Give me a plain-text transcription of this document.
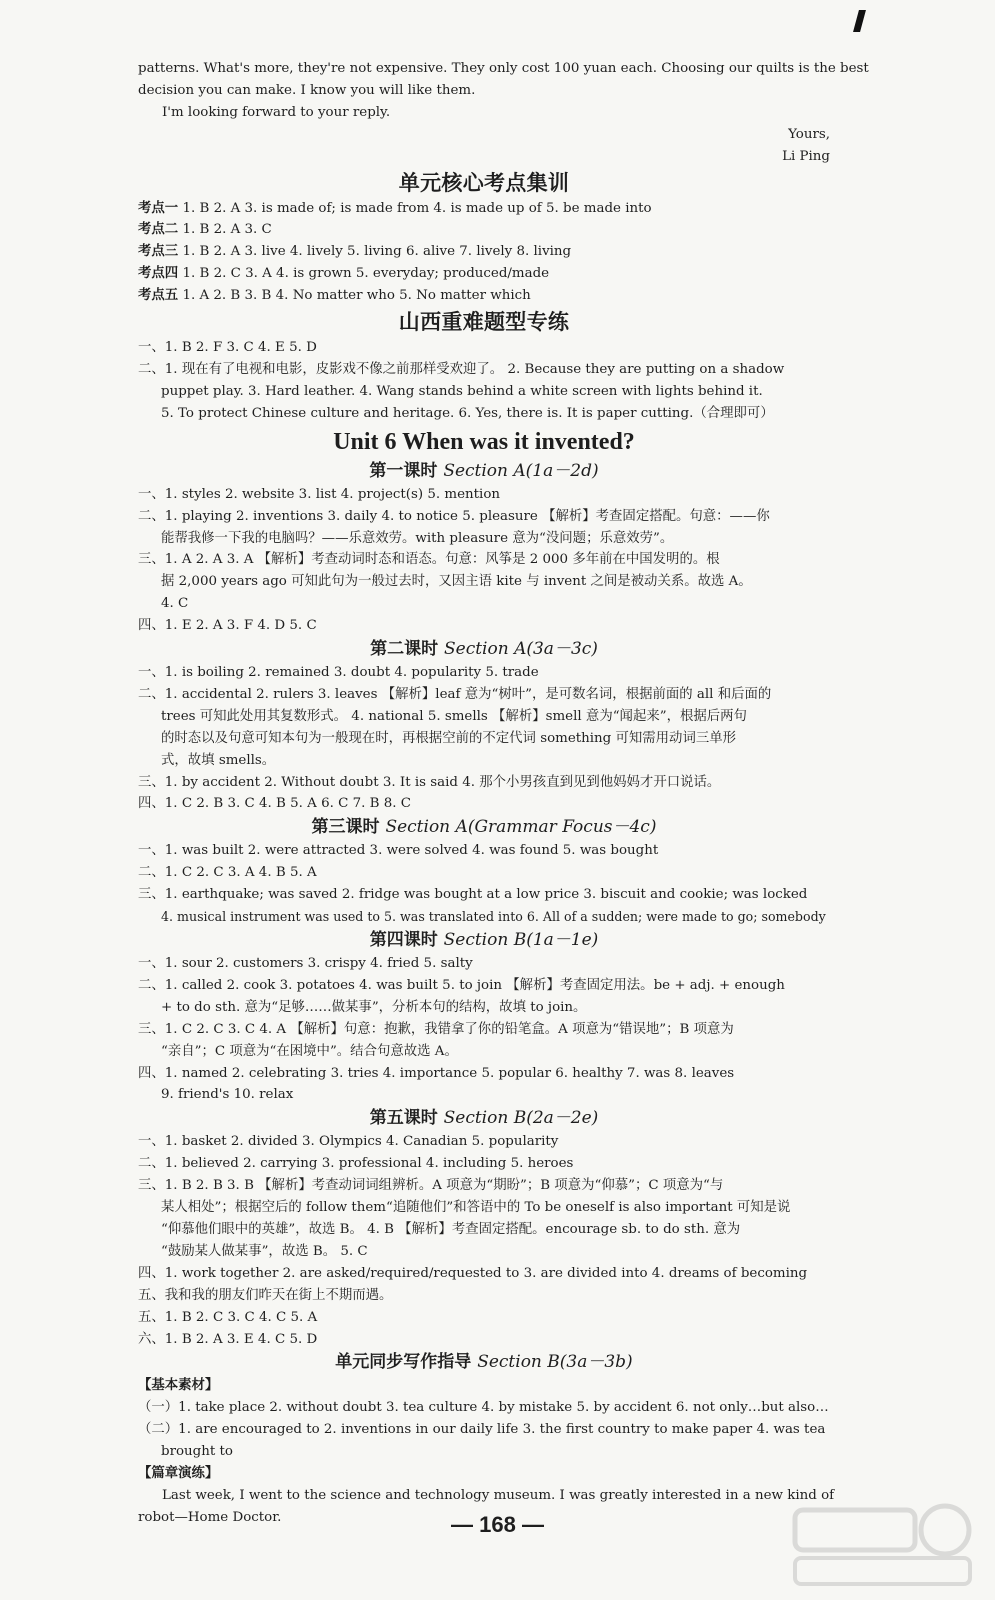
patterns. What's more, they're not expensive. They only cost 100 yuan each. Choosing our quilts is the best
decision you can make. I know you will like them.
I'm looking forward to your reply.
Yours,
Li Ping
单元核心考点集训
考点一 1. B 2. A 3. is made of; is made from 4. is made up of 5. be made into
考点二 1. B 2. A 3. C
考点三 1. B 2. A 3. live 4. lively 5. living 6. alive 7. lively 8. living
考点四 1. B 2. C 3. A 4. is grown 5. everyday; produced/made
考点五 1. A 2. B 3. B 4. No matter who 5. No matter which
山西重难题型专练
一、1. B 2. F 3. C 4. E 5. D
二、1. 现在有了电视和电影，皮影戏不像之前那样受欢迎了。 2. Because they are putting on a shadow
puppet play. 3. Hard leather. 4. Wang stands behind a white screen with lights behind it.
5. To protect Chinese culture and heritage. 6. Yes, there is. It is paper cutting.（合理即可）
Unit 6 When was it invented?
第一课时 Section A(1a－2d)
一、1. styles 2. website 3. list 4. project(s) 5. mention
二、1. playing 2. inventions 3. daily 4. to notice 5. pleasure 【解析】考查固定搭配。句意：——你
能帮我修一下我的电脑吗？——乐意效劳。with pleasure 意为“没问题；乐意效劳”。
三、1. A 2. A 3. A 【解析】考查动词时态和语态。句意：风筝是 2 000 多年前在中国发明的。根
据 2,000 years ago 可知此句为一般过去时，又因主语 kite 与 invent 之间是被动关系。故选 A。
4. C
四、1. E 2. A 3. F 4. D 5. C
第二课时 Section A(3a－3c)
一、1. is boiling 2. remained 3. doubt 4. popularity 5. trade
二、1. accidental 2. rulers 3. leaves 【解析】leaf 意为“树叶”，是可数名词，根据前面的 all 和后面的
trees 可知此处用其复数形式。 4. national 5. smells 【解析】smell 意为“闻起来”，根据后两句
的时态以及句意可知本句为一般现在时，再根据空前的不定代词 something 可知需用动词三单形
式，故填 smells。
三、1. by accident 2. Without doubt 3. It is said 4. 那个小男孩直到见到他妈妈才开口说话。
四、1. C 2. B 3. C 4. B 5. A 6. C 7. B 8. C
第三课时 Section A(Grammar Focus－4c)
一、1. was built 2. were attracted 3. were solved 4. was found 5. was bought
二、1. C 2. C 3. A 4. B 5. A
三、1. earthquake; was saved 2. fridge was bought at a low price 3. biscuit and cookie; was locked
4. musical instrument was used to 5. was translated into 6. All of a sudden; were made to go; somebody
第四课时 Section B(1a－1e)
一、1. sour 2. customers 3. crispy 4. fried 5. salty
二、1. called 2. cook 3. potatoes 4. was built 5. to join 【解析】考查固定用法。be + adj. + enough
+ to do sth. 意为“足够……做某事”，分析本句的结构，故填 to join。
三、1. C 2. C 3. C 4. A 【解析】句意：抱歉，我错拿了你的铅笔盒。A 项意为“错误地”；B 项意为
“亲自”；C 项意为“在困境中”。结合句意故选 A。
四、1. named 2. celebrating 3. tries 4. importance 5. popular 6. healthy 7. was 8. leaves
9. friend's 10. relax
第五课时 Section B(2a－2e)
一、1. basket 2. divided 3. Olympics 4. Canadian 5. popularity
二、1. believed 2. carrying 3. professional 4. including 5. heroes
三、1. B 2. B 3. B 【解析】考查动词词组辨析。A 项意为“期盼”；B 项意为“仰慕”；C 项意为“与
某人相处”；根据空后的 follow them“追随他们”和答语中的 To be oneself is also important 可知是说
“仰慕他们眼中的英雄”，故选 B。 4. B 【解析】考查固定搭配。encourage sb. to do sth. 意为
“鼓励某人做某事”，故选 B。 5. C
四、1. work together 2. are asked/required/requested to 3. are divided into 4. dreams of becoming
五、我和我的朋友们昨天在街上不期而遇。
五、1. B 2. C 3. C 4. C 5. A
六、1. B 2. A 3. E 4. C 5. D
单元同步写作指导 Section B(3a－3b)
【基本素材】
（一）1. take place 2. without doubt 3. tea culture 4. by mistake 5. by accident 6. not only…but also…
（二）1. are encouraged to 2. inventions in our daily life 3. the first country to make paper 4. was tea
brought to
【篇章演练】
Last week, I went to the science and technology museum. I was greatly interested in a new kind of
robot—Home Doctor.	— 168 —
